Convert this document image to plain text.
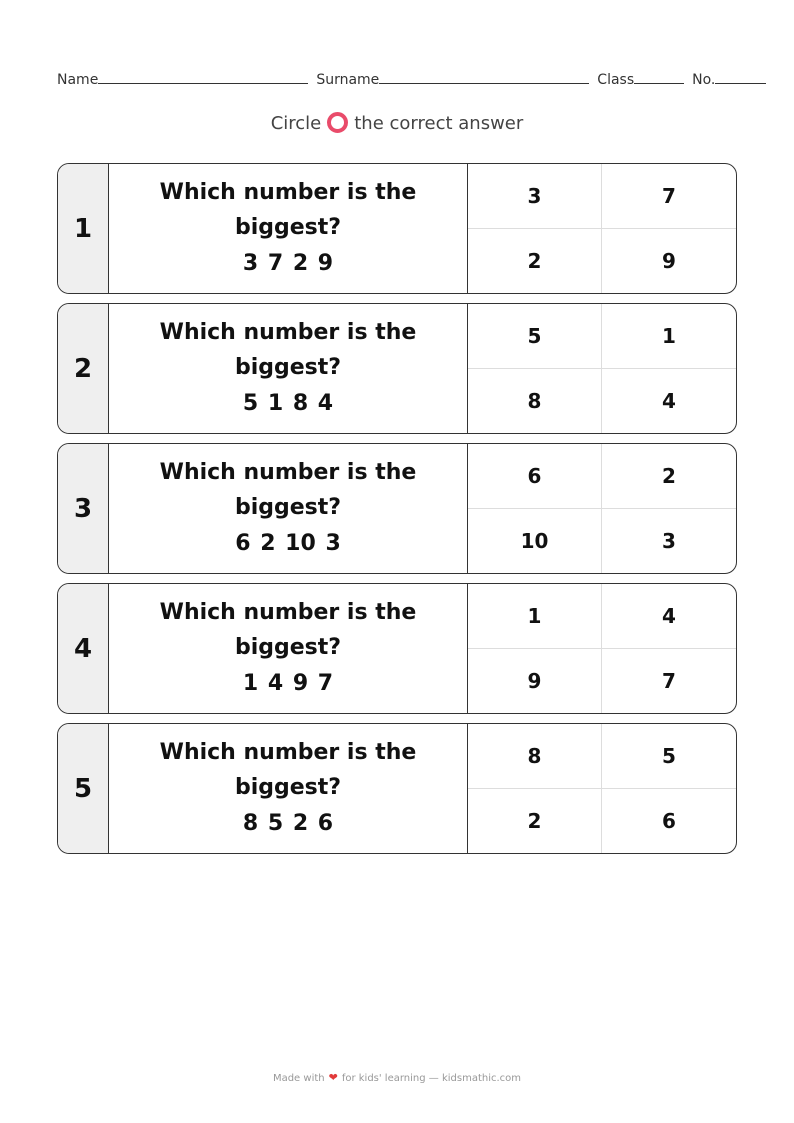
Name	Surname	Class	No.
Circle the correct answer
1
Which number is the biggest?
3 7 2 9
3	7
2	9
2
Which number is the biggest?
5 1 8 4
5	1
8	4
3
Which number is the biggest?
6 2 10 3
6	2
10	3
4
Which number is the biggest?
1 4 9 7
1	4
9	7
5
Which number is the biggest?
8 5 2 6
8	5
2	6
Made with ❤ for kids' learning — kidsmathic.com
